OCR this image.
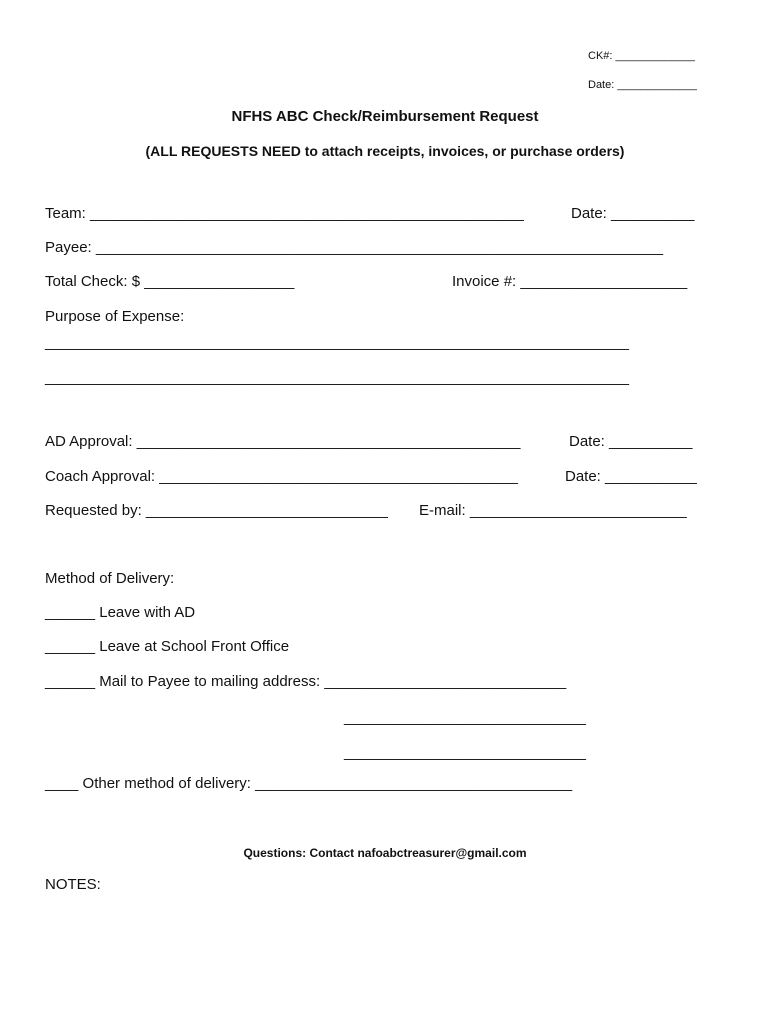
CK#: _____________
Date: _____________
NFHS ABC Check/Reimbursement Request
(ALL REQUESTS NEED to attach receipts, invoices, or purchase orders)
Team: ____________________________________________________	Date: __________
Payee: ____________________________________________________________________
Total Check: $ __________________	Invoice #: ____________________
Purpose of Expense:
______________________________________________________________________
______________________________________________________________________
AD Approval: ______________________________________________	Date: __________
Coach Approval: ___________________________________________	Date: ___________
Requested by: _____________________________ E-mail: __________________________
Method of Delivery:
______ Leave with AD
______ Leave at School Front Office
______ Mail to Payee to mailing address: _____________________________
_____________________________
_____________________________
____ Other method of delivery: ______________________________________
Questions: Contact nafoabctreasurer@gmail.com
NOTES:
